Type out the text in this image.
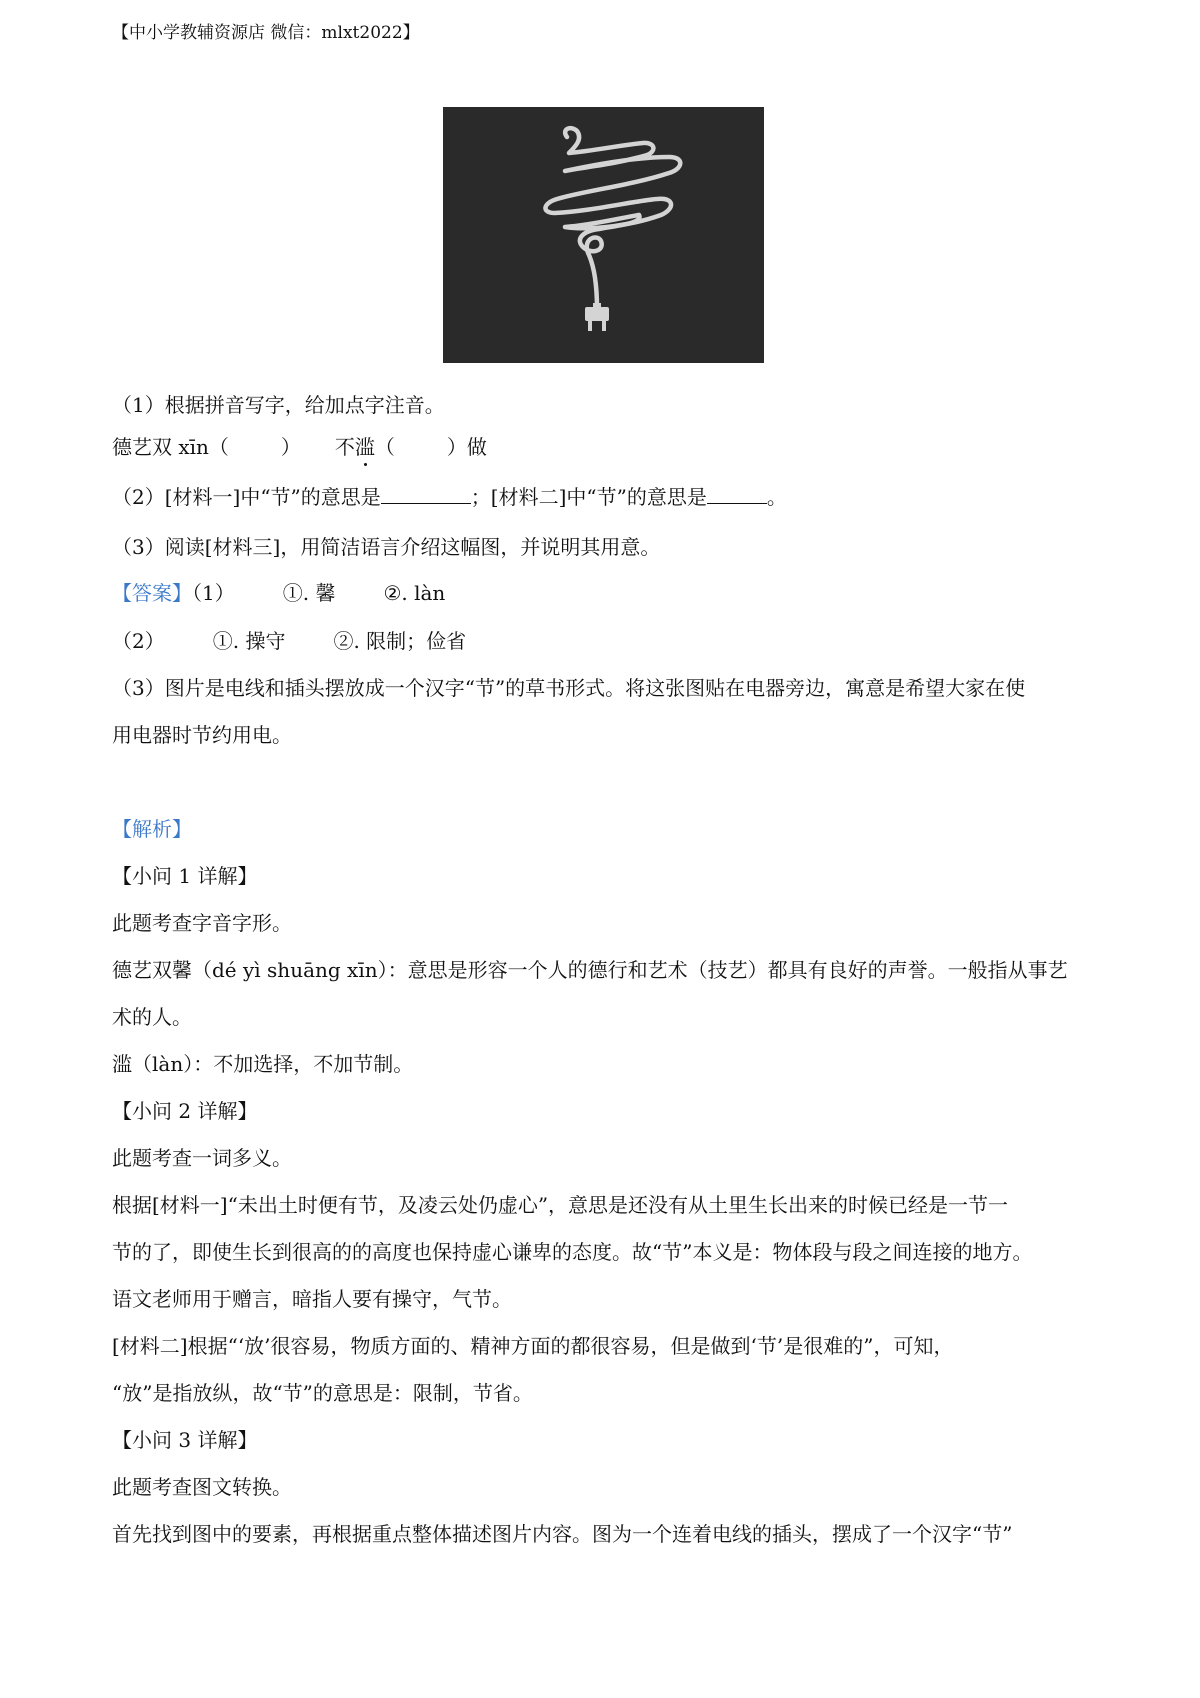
【中小学教辅资源店 微信：mlxt2022】
（1）根据拼音写字，给加点字注音。
德艺双 xīn（	） 不滥（	）做
（2）[材料一]中“节”的意思是	；[材料二]中“节”的意思是	。
（3）阅读[材料三]，用简洁语言介绍这幅图，并说明其用意。
【答案】（1） ①. 馨 ②. làn
（2） ①. 操守 ②. 限制；俭省
（3）图片是电线和插头摆放成一个汉字“节”的草书形式。将这张图贴在电器旁边，寓意是希望大家在使
用电器时节约用电。
【解析】
【小问 1 详解】
此题考查字音字形。
德艺双馨（dé yì shuāng xīn）：意思是形容一个人的德行和艺术（技艺）都具有良好的声誉。一般指从事艺
术的人。
滥（làn）：不加选择，不加节制。
【小问 2 详解】
此题考查一词多义。
根据[材料一]“未出土时便有节，及凌云处仍虚心”，意思是还没有从土里生长出来的时候已经是一节一
节的了，即使生长到很高的的高度也保持虚心谦卑的态度。故“节”本义是：物体段与段之间连接的地方。
语文老师用于赠言，暗指人要有操守，气节。
[材料二]根据“‘放’很容易，物质方面的、精神方面的都很容易，但是做到‘节’是很难的”，可知，
“放”是指放纵，故“节”的意思是：限制，节省。
【小问 3 详解】
此题考查图文转换。
首先找到图中的要素，再根据重点整体描述图片内容。图为一个连着电线的插头，摆成了一个汉字“节”
